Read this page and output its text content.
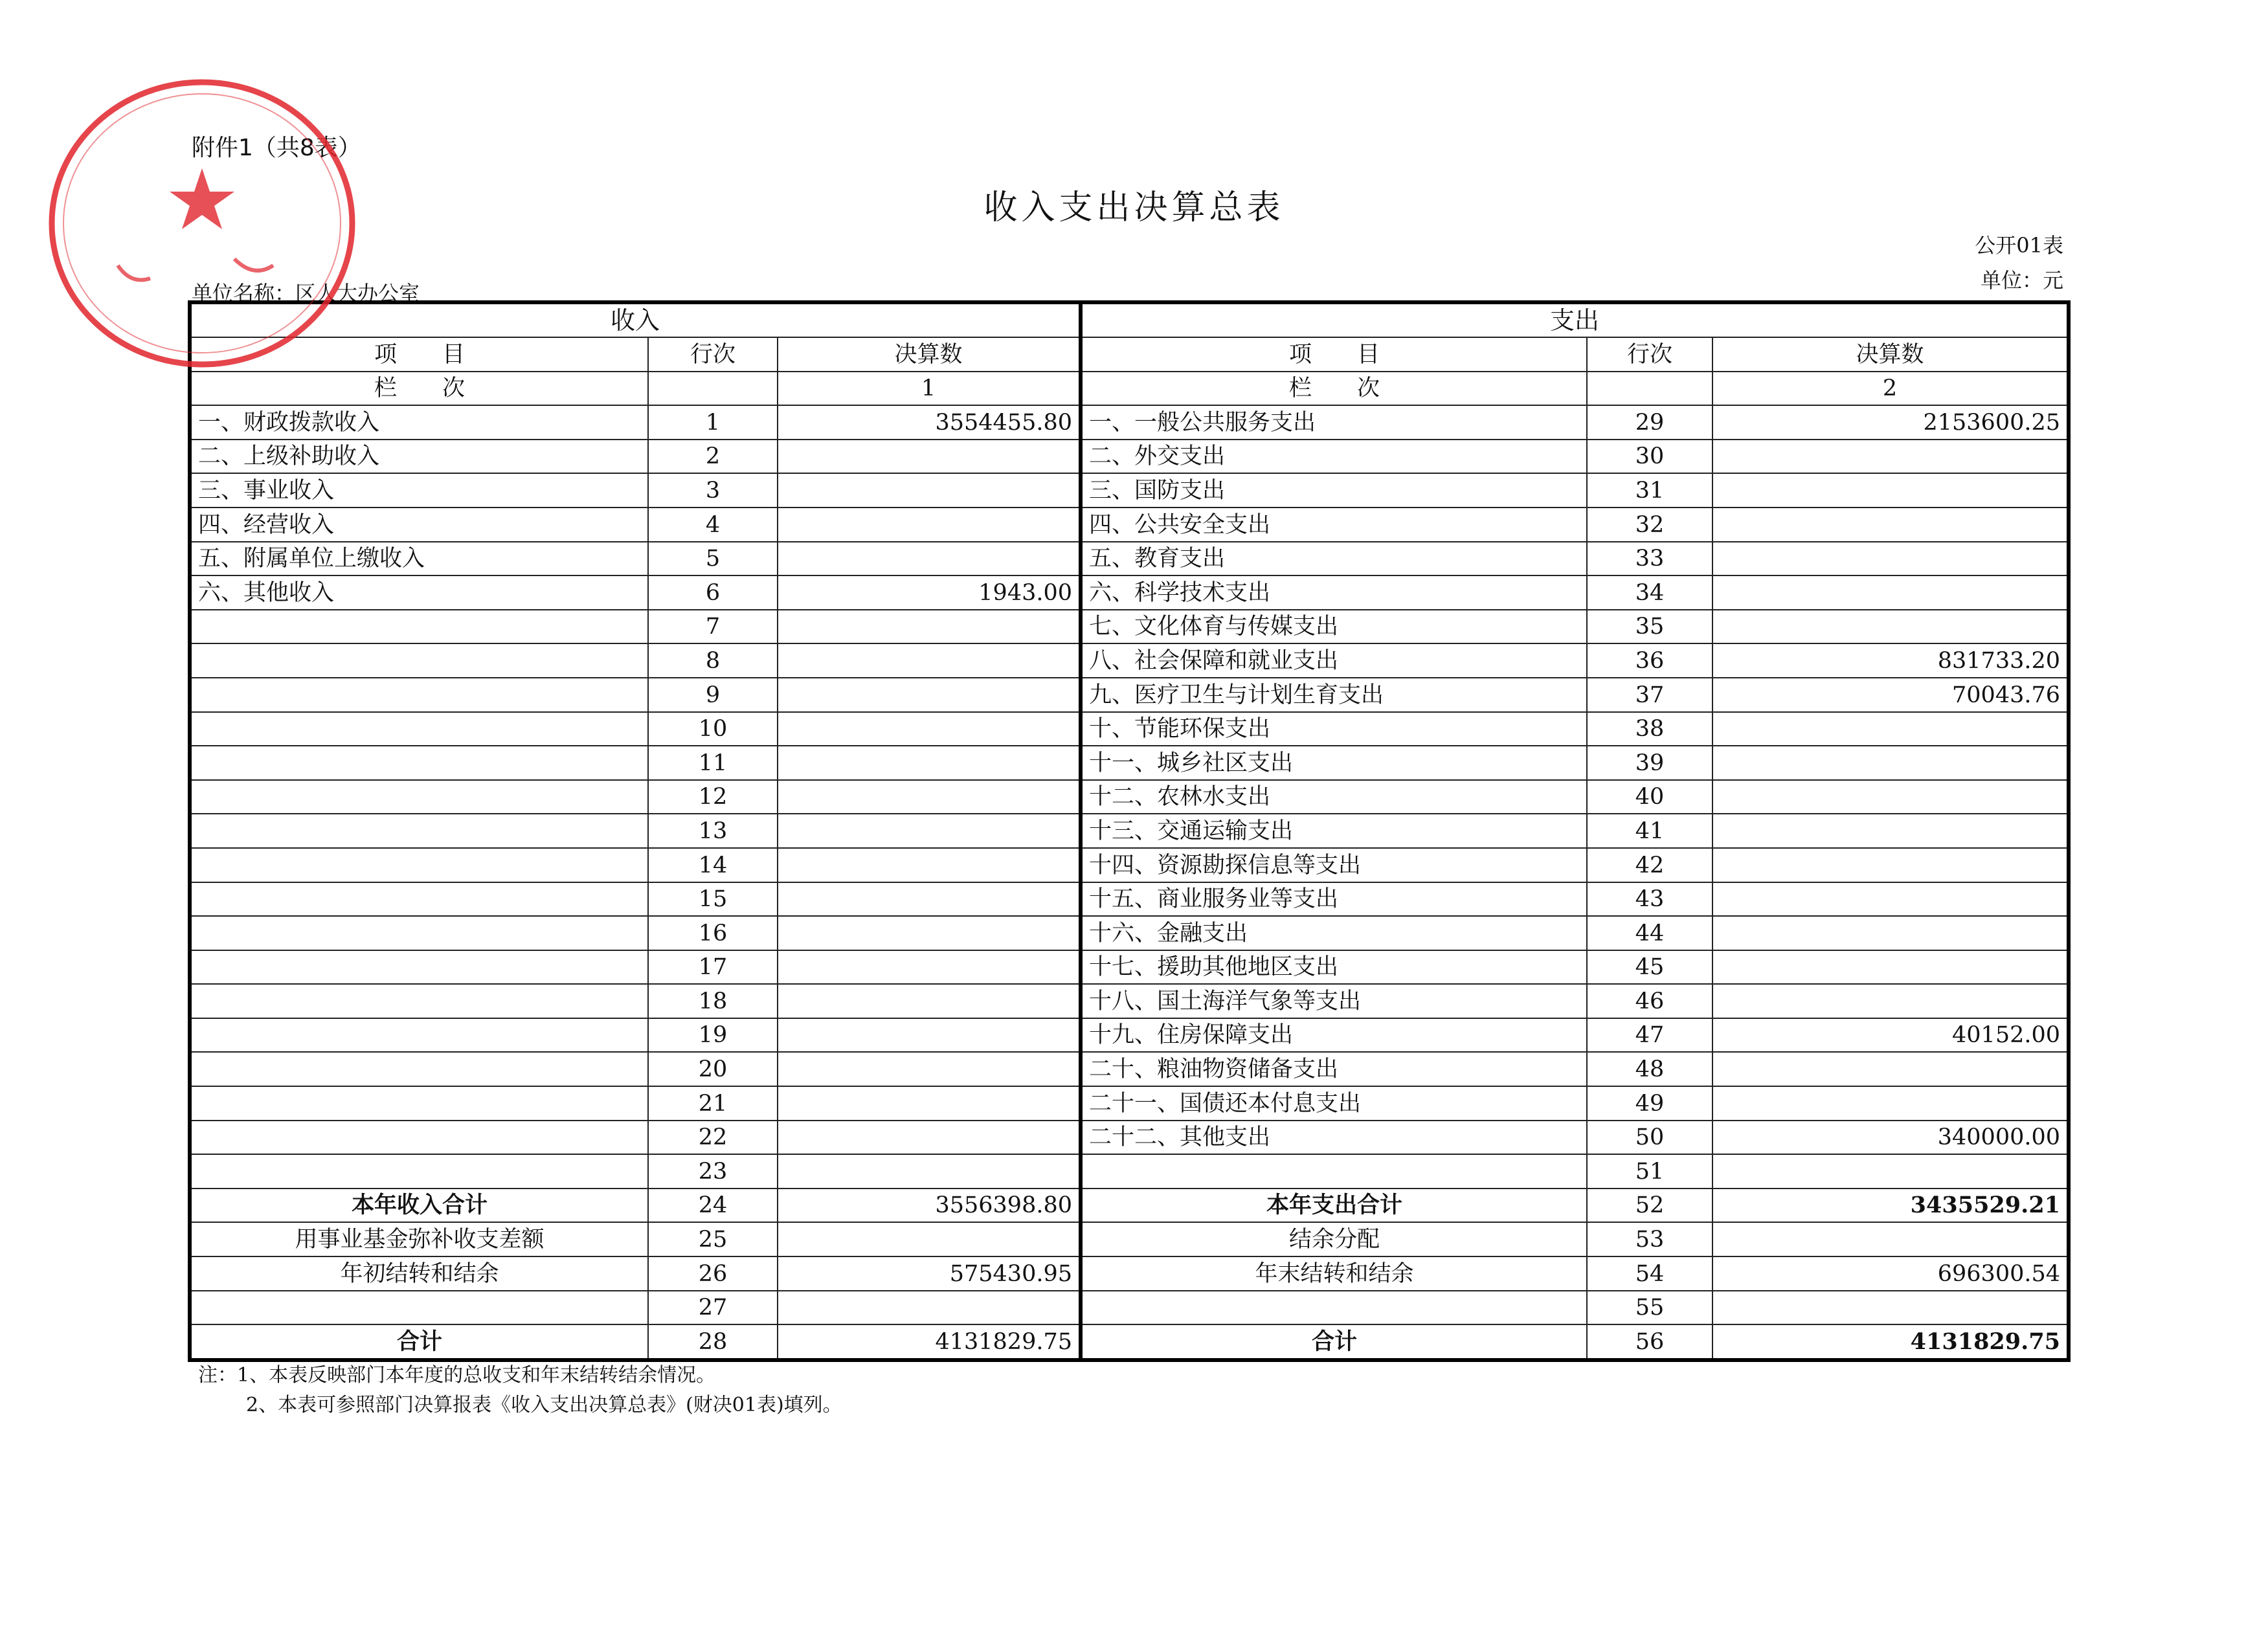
附件1（共8表）
收入支出决算总表
公开01表
单位：元
单位名称：区人大办公室
收入			支出		
项　　目	行次	决算数	项　　目	行次	决算数
栏　　次		1	栏　　次		2
一、财政拨款收入	1	3554455.80	一、一般公共服务支出	29	2153600.25
二、上级补助收入	2		二、外交支出	30	
三、事业收入	3		三、国防支出	31	
四、经营收入	4		四、公共安全支出	32	
五、附属单位上缴收入	5		五、教育支出	33	
六、其他收入	6	1943.00	六、科学技术支出	34	
	7		七、文化体育与传媒支出	35	
	8		八、社会保障和就业支出	36	831733.20
	9		九、医疗卫生与计划生育支出	37	70043.76
	10		十、节能环保支出	38	
	11		十一、城乡社区支出	39	
	12		十二、农林水支出	40	
	13		十三、交通运输支出	41	
	14		十四、资源勘探信息等支出	42	
	15		十五、商业服务业等支出	43	
	16		十六、金融支出	44	
	17		十七、援助其他地区支出	45	
	18		十八、国土海洋气象等支出	46	
	19		十九、住房保障支出	47	40152.00
	20		二十、粮油物资储备支出	48	
	21		二十一、国债还本付息支出	49	
	22		二十二、其他支出	50	340000.00
	23			51	
本年收入合计	24	3556398.80	本年支出合计	52	3435529.21
用事业基金弥补收支差额	25		结余分配	53	
年初结转和结余	26	575430.95	年末结转和结余	54	696300.54
	27			55	
合计	28	4131829.75	合计	56	4131829.75
注：1、本表反映部门本年度的总收支和年末结转结余情况。
2、本表可参照部门决算报表《收入支出决算总表》(财决01表)填列。
